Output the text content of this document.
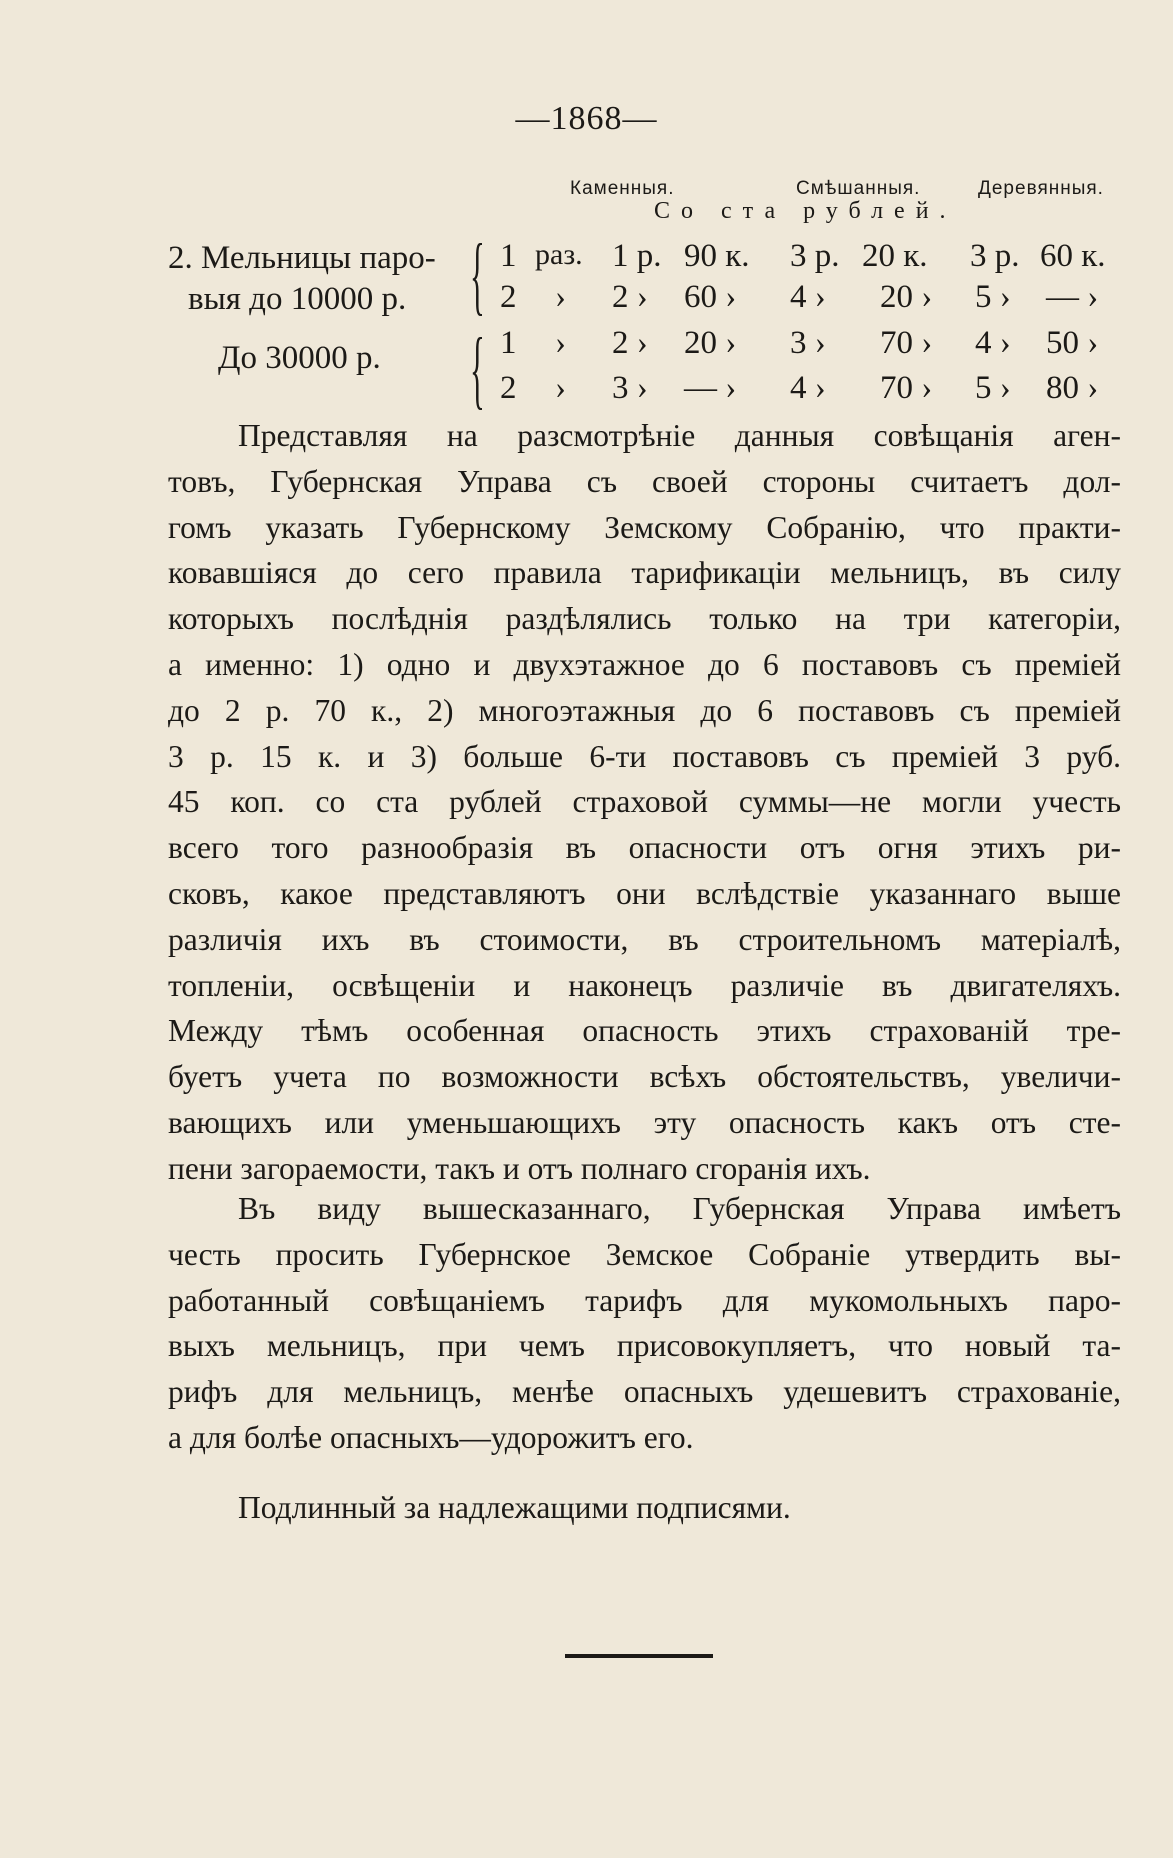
—1868—
Каменныя.	Смѣшанныя.	Деревянныя.
Со ста рублей.
2. Мельницы паро-
выя до 10000 р.
До 30000 р.
{
{
1 раз. 1 р. 90 к. 3 р. 20 к. 3 р. 60 к.
2 › 2 › 60 › 4 › 20 › 5 › — ›
1 › 2 › 20 › 3 › 70 › 4 › 50 ›
2 › 3 › — › 4 › 70 › 5 › 80 ›
Представляя на разсмотрѣніе данныя совѣщанія аген-
товъ, Губернская Управа съ своей стороны считаетъ дол-
гомъ указать Губернскому Земскому Собранію, что практи-
ковавшіяся до сего правила тарификаціи мельницъ, въ силу
которыхъ послѣднія раздѣлялись только на три категоріи,
а именно: 1) одно и двухэтажное до 6 поставовъ съ преміей
до 2 р. 70 к., 2) многоэтажныя до 6 поставовъ съ преміей
3 р. 15 к. и 3) больше 6-ти поставовъ съ преміей 3 руб.
45 коп. со ста рублей страховой суммы—не могли учесть
всего того разнообразія въ опасности отъ огня этихъ ри-
сковъ, какое представляютъ они вслѣдствіе указаннаго выше
различія ихъ въ стоимости, въ строительномъ матеріалѣ,
топленіи, освѣщеніи и наконецъ различіе въ двигателяхъ.
Между тѣмъ особенная опасность этихъ страхованій тре-
буетъ учета по возможности всѣхъ обстоятельствъ, увеличи-
вающихъ или уменьшающихъ эту опасность какъ отъ сте-
пени загораемости, такъ и отъ полнаго сгоранія ихъ.
Въ виду вышесказаннаго, Губернская Управа имѣетъ
честь просить Губернское Земское Собраніе утвердить вы-
работанный совѣщаніемъ тарифъ для мукомольныхъ паро-
выхъ мельницъ, при чемъ присовокупляетъ, что новый та-
рифъ для мельницъ, менѣе опасныхъ удешевитъ страхованіе,
а для болѣе опасныхъ—удорожитъ его.
Подлинный за надлежащими подписями.
